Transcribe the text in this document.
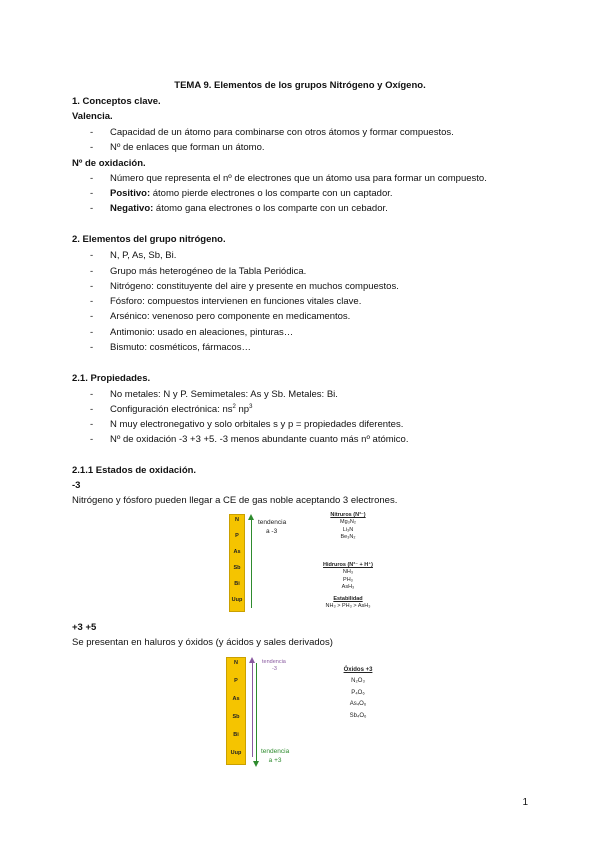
TEMA 9. Elementos de los grupos Nitrógeno y Oxígeno.
1. Conceptos clave.
Valencia.
- Capacidad de un átomo para combinarse con otros átomos y formar compuestos.
- Nº de enlaces que forman un átomo.
Nº de oxidación.
- Número que representa el nº de electrones que un átomo usa para formar un compuesto.
- Positivo: átomo pierde electrones o los comparte con un captador.
- Negativo: átomo gana electrones o los comparte con un cebador.
2. Elementos del grupo nitrógeno.
- N, P, As, Sb, Bi.
- Grupo más heterogéneo de la Tabla Periódica.
- Nitrógeno: constituyente del aire y presente en muchos compuestos.
- Fósforo: compuestos intervienen en funciones vitales clave.
- Arsénico: venenoso pero componente en medicamentos.
- Antimonio: usado en aleaciones, pinturas…
- Bismuto: cosméticos, fármacos…
2.1. Propiedades.
- No metales: N y P. Semimetales: As y Sb. Metales: Bi.
- Configuración electrónica: $ns^2$ $np^3$
- N muy electronegativo y solo orbitales s y p = propiedades diferentes.
- Nº de oxidación -3 +3 +5. -3 menos abundante cuanto más nº atómico.
2.1.1 Estados de oxidación.
-3
Nitrógeno y fósforo pueden llegar a CE de gas noble aceptando 3 electrones.
N
P
As
Sb
Bi
Uup
tendencia
a -3
Nitruros (N³⁻)
Mg₃N₂
Li₃N
Be₃N₂
Hidruros (N³⁻ + H⁺)
NH₃
PH₃
AsH₃
Estabilidad
NH₃ > PH₃ > AsH₃
+3 +5
Se presentan en haluros y óxidos (y ácidos y sales derivados)
N
P
As
Sb
Bi
Uup
tendencia
-3	Óxidos +3
N₂O₃
P₄O₆
As₄O₆
Sb₄O₆
tendencia
a +3
1
